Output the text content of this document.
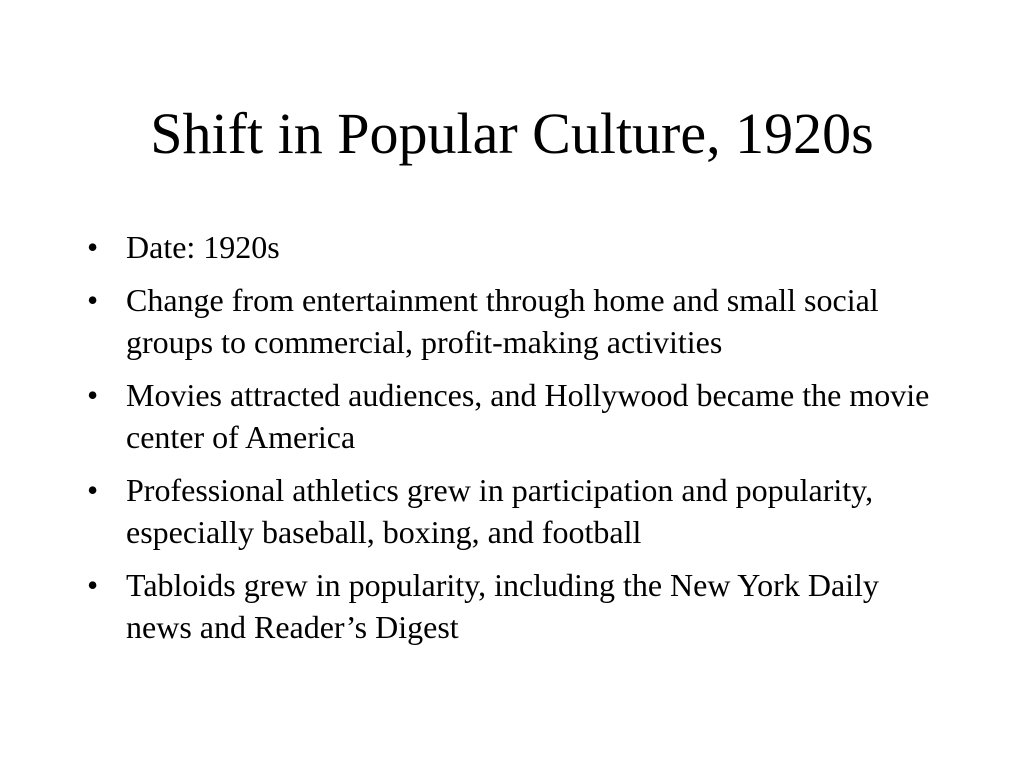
Shift in Popular Culture, 1920s
• Date: 1920s
• Change from entertainment through home and small social groups to commercial, profit-making activities
• Movies attracted audiences, and Hollywood became the movie center of America
• Professional athletics grew in participation and popularity, especially baseball, boxing, and football
• Tabloids grew in popularity, including the New York Daily news and Reader’s Digest
